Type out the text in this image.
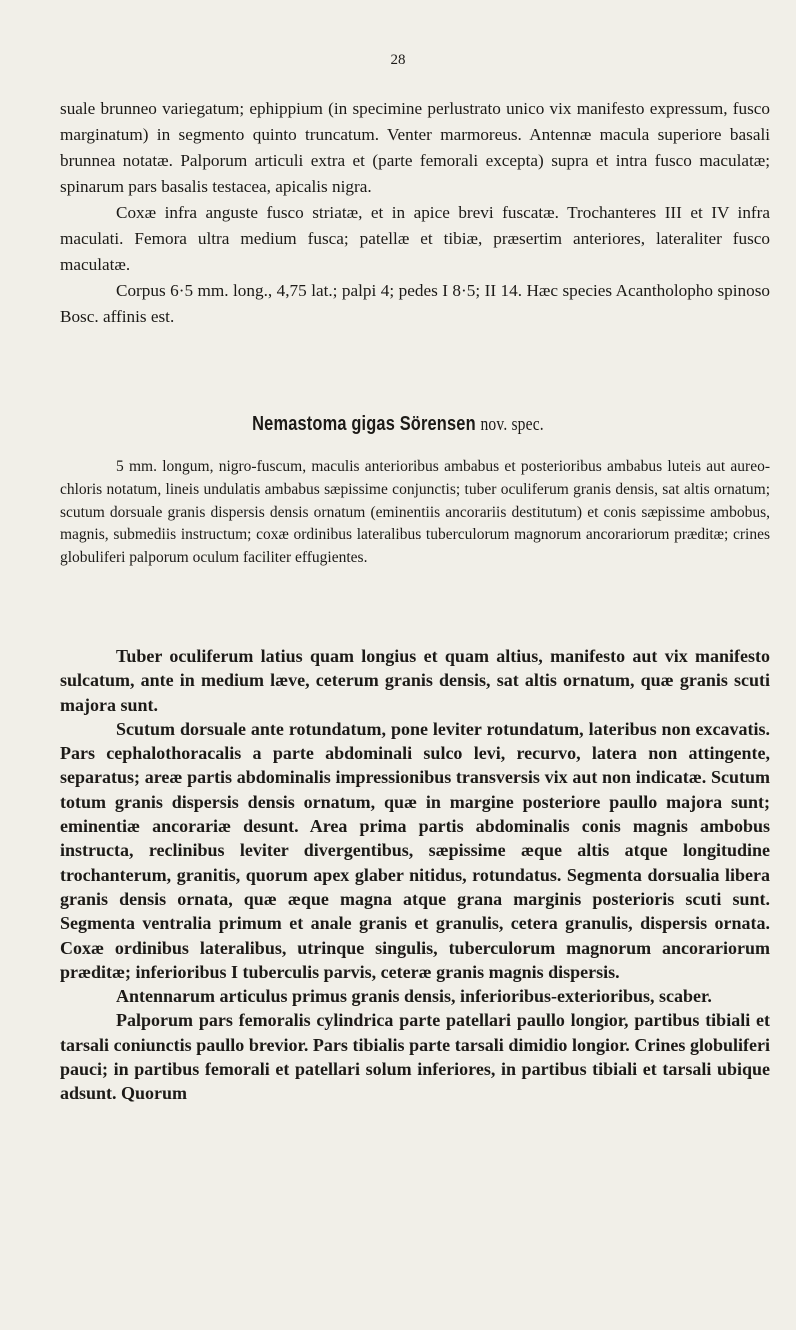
28

suale brunneo variegatum; ephippium (in specimine perlustrato unico vix manifesto expressum, fusco marginatum) in segmento quinto truncatum. Venter marmoreus. Antennæ macula superiore basali brunnea notatæ. Palporum articuli extra et (parte femorali excepta) supra et intra fusco maculatæ; spinarum pars basalis testacea, apicalis nigra.

Coxæ infra anguste fusco striatæ, et in apice brevi fuscatæ. Trochanteres III et IV infra maculati. Femora ultra medium fusca; patellæ et tibiæ, præsertim anteriores, lateraliter fusco maculatæ.

Corpus 6·5 mm. long., 4,75 lat.; palpi 4; pedes I 8·5; II 14. Hæc species Acantholopho spinoso Bosc. affinis est.

Nemastoma gigas Sörensen nov. spec.

5 mm. longum, nigro-fuscum, maculis anterioribus ambabus et posterioribus ambabus luteis aut aureo-chloris notatum, lineis undulatis ambabus sæpissime conjunctis; tuber oculiferum granis densis, sat altis ornatum; scutum dorsuale granis dispersis densis ornatum (eminentiis ancorariis destitutum) et conis sæpissime ambobus, magnis, submediis instructum; coxæ ordinibus lateralibus tuberculorum magnorum ancorariorum præditæ; crines globuliferi palporum oculum faciliter effugientes.

Tuber oculiferum latius quam longius et quam altius, manifesto aut vix manifesto sulcatum, ante in medium læve, ceterum granis densis, sat altis ornatum, quæ granis scuti majora sunt.

Scutum dorsuale ante rotundatum, pone leviter rotundatum, lateribus non excavatis. Pars cephalothoracalis a parte abdominali sulco levi, recurvo, latera non attingente, separatus; areæ partis abdominalis impressionibus transversis vix aut non indicatæ. Scutum totum granis dispersis densis ornatum, quæ in margine posteriore paullo majora sunt; eminentiæ ancorariæ desunt. Area prima partis abdominalis conis magnis ambobus instructa, reclinibus leviter divergentibus, sæpissime æque altis atque longitudine trochanterum, granitis, quorum apex glaber nitidus, rotundatus. Segmenta dorsualia libera granis densis ornata, quæ æque magna atque grana marginis posterioris scuti sunt. Segmenta ventralia primum et anale granis et granulis, cetera granulis, dispersis ornata. Coxæ ordinibus lateralibus, utrinque singulis, tuberculorum magnorum ancorariorum præditæ; inferioribus I tuberculis parvis, ceteræ granis magnis dispersis.

Antennarum articulus primus granis densis, inferioribus-exterioribus, scaber.

Palporum pars femoralis cylindrica parte patellari paullo longior, partibus tibiali et tarsali coniunctis paullo brevior. Pars tibialis parte tarsali dimidio longior. Crines globuliferi pauci; in partibus femorali et patellari solum inferiores, in partibus tibiali et tarsali ubique adsunt. Quorum
